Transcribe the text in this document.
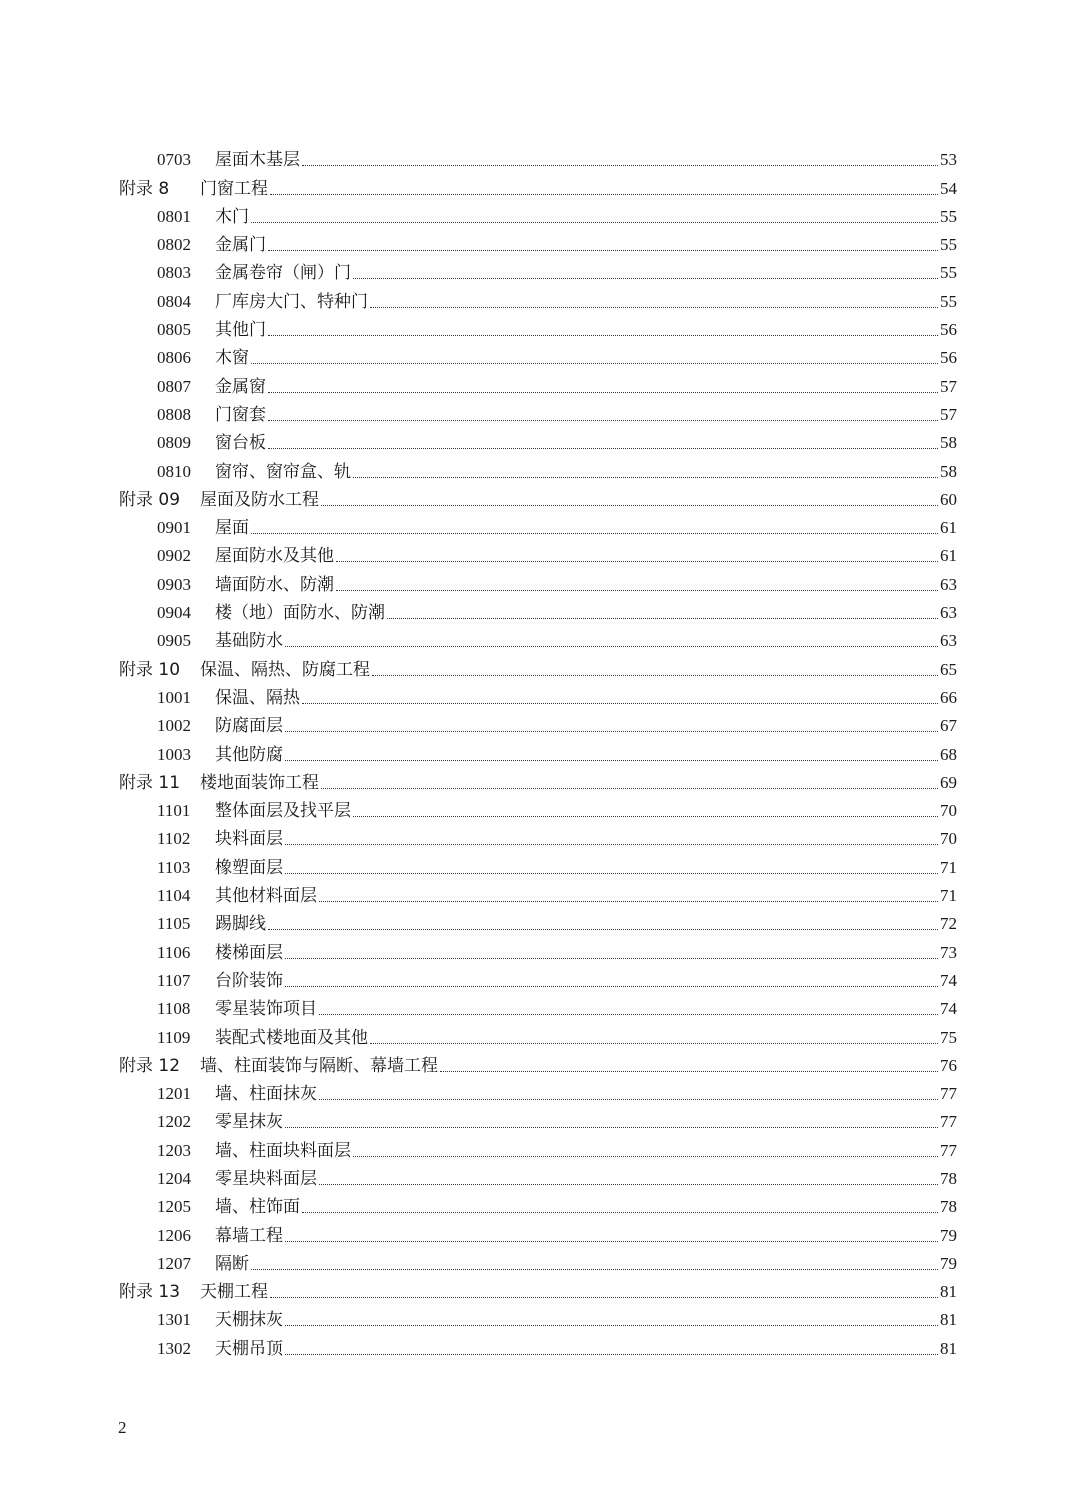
0703	屋面木基层	53
附录 8	门窗工程	54
0801	木门	55
0802	金属门	55
0803	金属卷帘（闸）门	55
0804	厂库房大门、特种门	55
0805	其他门	56
0806	木窗	56
0807	金属窗	57
0808	门窗套	57
0809	窗台板	58
0810	窗帘、窗帘盒、轨	58
附录 09	屋面及防水工程	60
0901	屋面	61
0902	屋面防水及其他	61
0903	墙面防水、防潮	63
0904	楼（地）面防水、防潮	63
0905	基础防水	63
附录 10	保温、隔热、防腐工程	65
1001	保温、隔热	66
1002	防腐面层	67
1003	其他防腐	68
附录 11	楼地面装饰工程	69
1101	整体面层及找平层	70
1102	块料面层	70
1103	橡塑面层	71
1104	其他材料面层	71
1105	踢脚线	72
1106	楼梯面层	73
1107	台阶装饰	74
1108	零星装饰项目	74
1109	装配式楼地面及其他	75
附录 12	墙、柱面装饰与隔断、幕墙工程	76
1201	墙、柱面抹灰	77
1202	零星抹灰	77
1203	墙、柱面块料面层	77
1204	零星块料面层	78
1205	墙、柱饰面	78
1206	幕墙工程	79
1207	隔断	79
附录 13	天棚工程	81
1301	天棚抹灰	81
1302	天棚吊顶	81
2
